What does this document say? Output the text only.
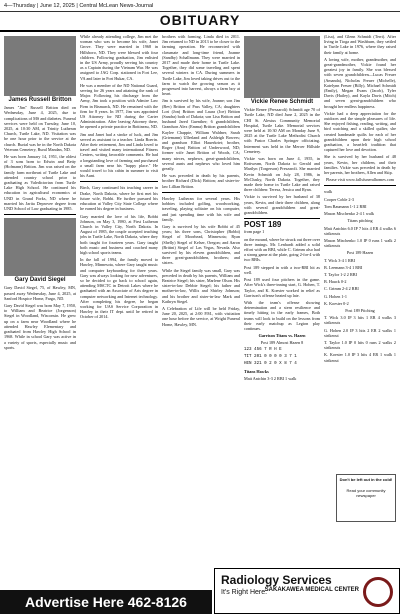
4—Thursday | June 12, 2025 | Central McLean News-Journal
OBITUARY
James Russell Britton

James "Jim" Russell Britton died on Wednesday, June 4, 2025, due to complications of MS and diabetes. Funeral services were held on Tuesday, June 10, 2025, at 10:30 AM, at Trinity Lutheran Church, Turtle Lake, ND. Visitation was be one hour prior to the service at the church. Burial was be in the North Dakota Veterans Cemetery, Rural Mandan, ND.

He was born January 14, 1951, the oldest of 3 sons born to Edwin and Betty (Hofmann) Britton. Jim was raised on the family farm northeast of Turtle Lake and attended country school prior to graduating as Valedictorian from Turtle Lake High School. He continued his education in agricultural economics at UND in Grand Forks, ND where he married his Jarita Deprovee degree from UND School of Law graduating in 1985.

Gary David Siegel

Gary David Siegel, 75, of Hawley, MN, passed away Wednesday, June 4, 2025, at Sanford Hospice Home, Fargo, ND.

Gary David Siegel was born May 7, 1950, to William and Beatrice (Jorgenson) Siegel in Woodland, Wisconsin. He grew up on a farm near Woodland where he attended Hawley Elementary and graduated from Hawley High School in 1968. While in school Gary was active in a variety of sports, especially music and sports.

While already attending college, Jim met the woman who was to become his wife, Janet Grove. They were married in 1968 in Hillsboro, ND. They were blessed with four children. Following graduation, Jim enlisted in the US Army, proudly serving his country as a Captain during the Vietnam War. He was assigned to JAG Corp. stationed in Fort Lee, VA and later in Fort Hukar, CA.

He was a member of the ND National Guard, serving for 26 years and attaining the rank of Major. Following his discharge from the Army, Jim took a position with Admire Law Firm in Bismarck, ND. He remained with the firm for 8 years. In 1977, Jim was appointed US Attorney for ND during the Carter Administration. After leaving Attorney there, he opened a private practice in Bottineau, ND.

Jim and Janet had a stroke of luck, and Jim served as assistant to a teacher. Linda Boerin. After their retirement, Jim and Linda loved to travel and visited many international Fitness Centers, writing favorable comments. He had a longstanding love of farming and purchased a small farm near his "happy place." He would travel to his cabin in summer to visit his Aunt.

Birch, Gary continued his teaching career in Drake, North Dakota, where he first met his future wife, Bobbi. He further pursued his education at Valley City State College where he earned his degree in business.

Gary married the love of his life, Bobbi Johnson, on May 3, 1980, at First Lutheran Church in Valley City, North Dakota. In August of 1985, the couple accepted teaching jobs in Turtle Lake, North Dakota, where they both taught for fourteen years. Gary taught both music and business and coached many high school sports teams.

In the fall of 1994, the family moved to Hawley, Minnesota, where Gary taught music and computer keyboarding for three years. Gary was always looking for new adventures, so he decided to go back to school again, attending MSCTC in Detroit Lakes where he graduated with an Associate of Arts degree in computer networking and Internet technology. After completing his degree, he began working for UAS Service Corporation in Hawley in their IT dept. until he retired in October of 2014.

brothers with farming. Linda died in 2011. Jim returned to ND in 2013 to be closer to the farming operation. He reconnected with classmate and long-time friend, Joanne (Sandby) Schallmann. They were married in 2017 and made their home in Turtle Lake. Together, they did some traveling and spent several winters in CA. During summers in Turtle Lake, Jim loved taking drives out to the farm to watch the growing season as it progressed into harvest, always a farm boy at heart.

Jim is survived by his wife, Joanne; son Jim (Bev) Britton of Pass Valley, CA; daughters Lori (Jon) Britton and Laura (Joe) Britton (Sandra) both of Dakota; son Lisa Britton and husband Jared Guenther; 6 grandchildren, Grandson Alex (Emma) Britton grandchildren Kaylee Chappie, William Waldner, Sarah (Griemann) Ullerland and Ashleigh Bowers; and grandson Elliot Hauerkriet; brother, Roger (Ann) Britton of Underwood, ND; former wife Janet Britton of Woods, CA; many nieces, nephews, great-grandchildren, several aunts and nephews who loved him greatly.

He was preceded in death by his parents, brother Richard (Dick) Britton; and sister-in-law Lillian Britton.

Hawley Lutheran for several years. His hobbies included golfing, woodworking, traveling, playing solitaire on his computer, and just spending time with his wife and family.

Gary is survived by his wife Bobbi of 45 years; his three sons, Christopher (Bobbi) Siegel of Moorhead, Minnesota; Ryan (Shelly) Siegel of Kelser, Oregon; and Aaron (Brittni) Siegel of Las Vegas, Nevada. Also survived by his eleven grandchildren, and three great-grandchildren, brothers; and sisters.

While the Siegel family was small, Gary was preceded in death by his parents, William and Beatrice Siegel; his sister, Marlene Olson. His sister-in-law Debbie Siegel; his father and mother-in-law, Willis and Shirley Johnson; and his brother and sister-in-law Mark and Kathryn Siegel.

A Celebration of Life will be held Friday, June 20, 2025, at 2:00 P.M., with visitation one hour before the service, at Wright Funeral Home, Hawley, MN.

Vickie Renee Schmidt

Vickie Renee (Preszaroli) Schmidt age 70 of Turtle Lake, ND died June 2, 2025 in the CHI St. Alexius Community Memorial Hospital, Turtle Lake. Memorial services were held at 10:30 AM on Monday June 9, 2025 at the Turtle Lake Methodist Church with Pastor Charles Springer officiating. Interment was held in the Mercer Hillside Cemetery.

Vickie was born on June 4, 1955, in Rottweam, North Dakota to Gerald and Marilyn (Torgerson) Preszaroli. She married Kevin Schmidt on July 28, 1986, in McClusky, North Dakota. Together, they made their home in Turtle Lake and raised three children: Teresa, Jessica and Ryan.

Vickie is survived by her husband of 38 years, Kevin, and their three children, along with several grandchildren and great-grandchildren.

POST 189

from page 1

on the mound, where he struck out three over three innings. Mr. Lenhardt added a solid effort with an RBI, while C. Grimm also had a strong game at the plate, going 2-for-4 with two RBIs.

Post 189 stepped in with a two-RBI hit as well.

Post 189 used four pitchers in the game. After Wick's three-inning start, G. Hohen, T. Taylor, and K. Koester worked in relief as Garrison's offense heated up late.

With the team's offense showing determination and a stern resilience and timely hitting in the early frames, Both teams will look to build on the lessons from their early matchup as Legion play continues.

Garrison Titans vs. Hazen

Post 189 Almost Hazen 8

123 456 7 R H E

TIT 201 0 0 0 0 3 7 1

HEN 321 0 2 0 X 8 7 4

Titans Hawks

Matt Antchin 3-3 2 RBI 1 walk

(Lisa), and Glenn Schmidt (Terri). After living in Tioga and Washburn, they settled in Turtle Lake in 1976, where they raised their family at home.

A loving wife, mother, grandmother, and great-grandmother, Vickie found her greatest joy in family. She was blessed with seven grandchildren—Lucas Freuer (Amanda), Nicholas Freuer (Michelle), Katelynn Freuer (Billy), Michael Schmidt (Emily), Megan Evans (Jacob), Tyler Davis (Hailey), and Kayla Davis (Mitch) and seven great-grandchildren who brought her endless happiness.

Vickie had a deep appreciation for the outdoors and the simple pleasures of life. She enjoyed fishing, reading, writing, and bird watching and a skilled quilter, she created handmade quilts for each of her grandchildren upon their high school graduation, a heartfelt tradition that captured her love and devotion.

She is survived by her husband of 48 years, Kevin, her children, and their families. Vickie was preceded in death by her parents, her brothers, Allen and Skip.

Please visit www.fallsfuneralhomes.com

walk

Cooper Coble 2-3

Tom Baumann 1-1 2 RBI

Mason Mischenko 2-4 1 walk

Titans pitching

Matt Antchin 6.0 IP 7 hits 4 ER 4 walks 6 strikeouts

Mason Mischenko 1.0 IP 0 runs 1 walk 2 strikeouts

Post 189 Hazen

T. Wick 3-4 1 RBI

B. Leemann 3-4 1 RBI

T. Taylor 1-2 2 RBI

B. Hauck 0-2

C. Grimm 2-4 2 RBI

G. Hohen 1-1

K. Koester 0-2

Post 189 Pitching

T. Wick 3.0 IP 3 hits 1 ER 4 walks 3 strikeouts

G. Hohen 2.0 IP 3 hits 2 ER 2 walks 1 strikeout

T. Taylor 1.0 IP 0 hits 0 runs 2 walks 2 strikeouts

K. Koester 1.0 IP 3 hits 4 ER 1 walk 1 strikeout

Don't be left out in the cold!
Read your community newspaper
Advertise Here 462-8126
Radiology Services
It's Right Here.
SAKAKAWEA MEDICAL CENTER
